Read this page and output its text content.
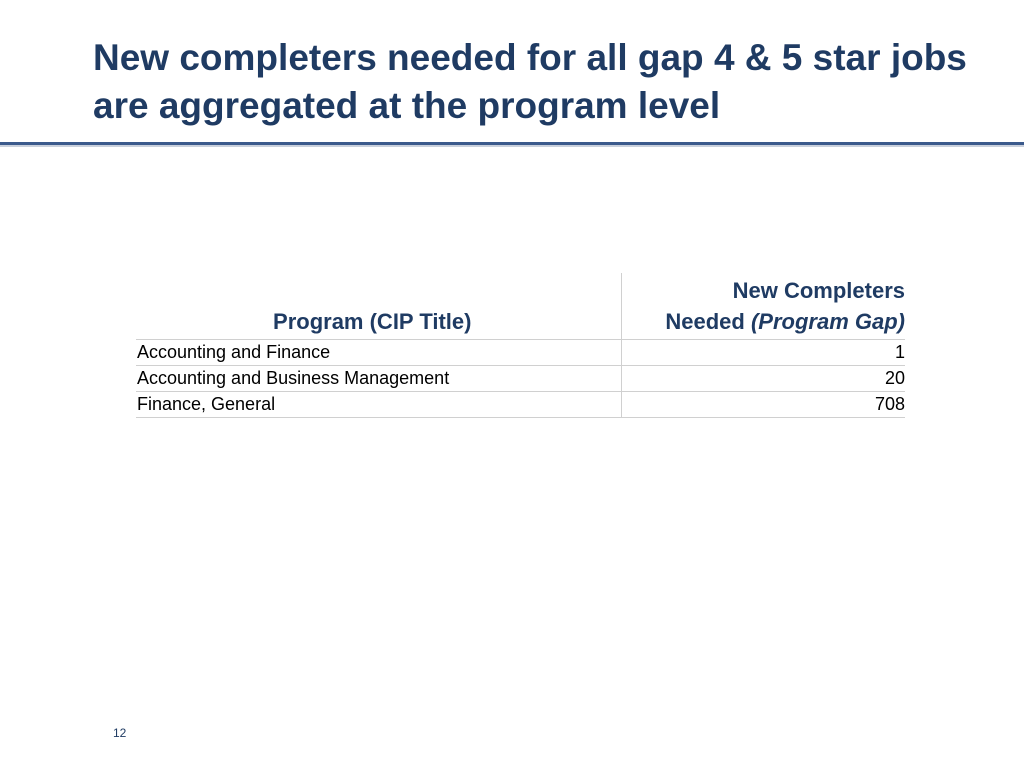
New completers needed for all gap 4 & 5 star jobs are aggregated at the program level
Program (CIP Title)	New Completers
Needed (Program Gap)
Accounting and Finance	1
Accounting and Business Management	20
Finance, General	708
12
